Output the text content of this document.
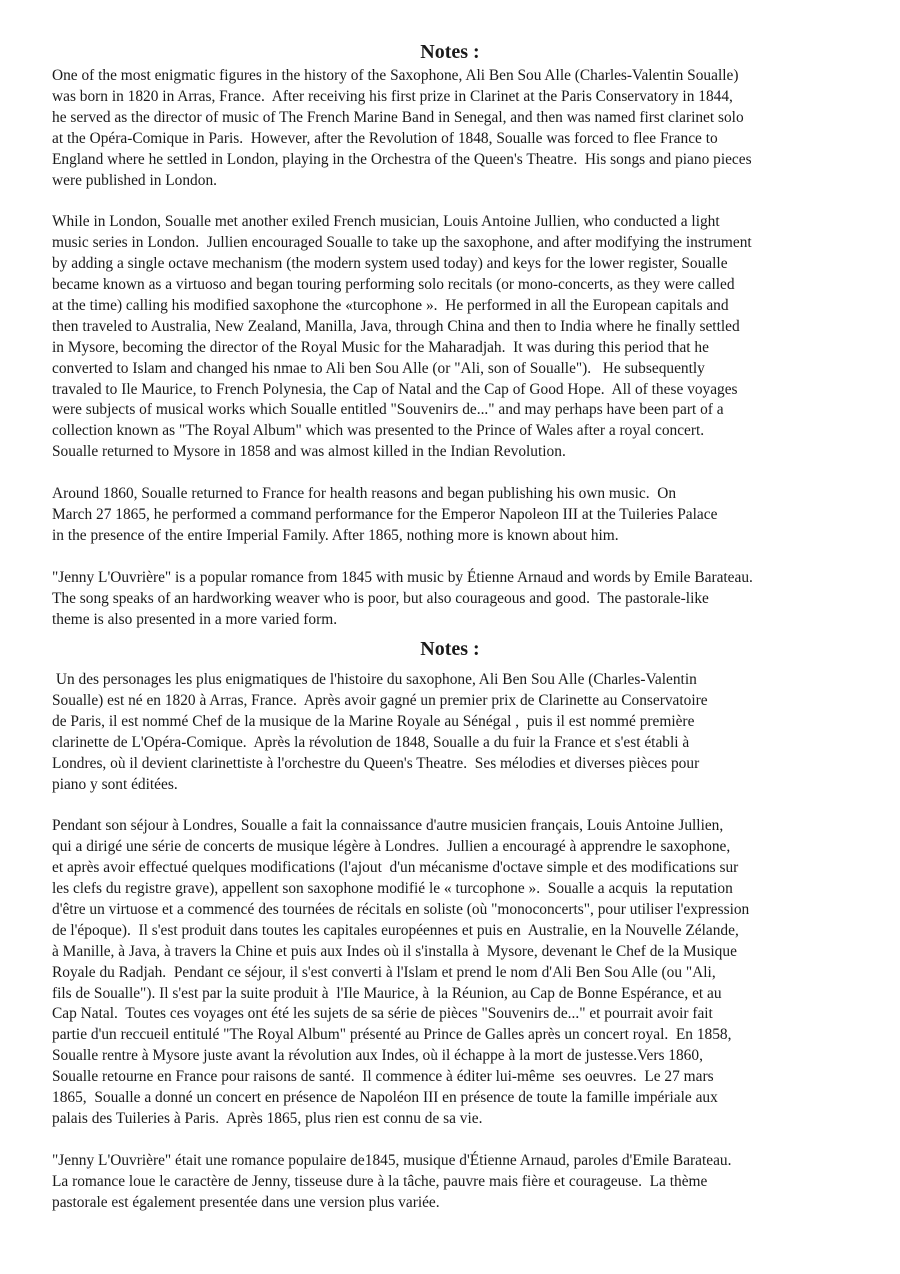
Notes :

One of the most enigmatic figures in the history of the Saxophone, Ali Ben Sou Alle (Charles-Valentin Soualle)

was born in 1820 in Arras, France.  After receiving his first prize in Clarinet at the Paris Conservatory in 1844,

he served as the director of music of The French Marine Band in Senegal, and then was named first clarinet solo

at the Opéra-Comique in Paris.  However, after the Revolution of 1848, Soualle was forced to flee France to

England where he settled in London, playing in the Orchestra of the Queen's Theatre.  His songs and piano pieces

were published in London.

While in London, Soualle met another exiled French musician, Louis Antoine Jullien, who conducted a light

music series in London.  Jullien encouraged Soualle to take up the saxophone, and after modifying the instrument

by adding a single octave mechanism (the modern system used today) and keys for the lower register, Soualle

became known as a virtuoso and began touring performing solo recitals (or mono-concerts, as they were called

at the time) calling his modified saxophone the «turcophone ».  He performed in all the European capitals and

then traveled to Australia, New Zealand, Manilla, Java, through China and then to India where he finally settled

in Mysore, becoming the director of the Royal Music for the Maharadjah.  It was during this period that he

converted to Islam and changed his nmae to Ali ben Sou Alle (or "Ali, son of Soualle").   He subsequently

travaled to Ile Maurice, to French Polynesia, the Cap of Natal and the Cap of Good Hope.  All of these voyages

were subjects of musical works which Soualle entitled "Souvenirs de..." and may perhaps have been part of a

collection known as "The Royal Album" which was presented to the Prince of Wales after a royal concert.

Soualle returned to Mysore in 1858 and was almost killed in the Indian Revolution.

Around 1860, Soualle returned to France for health reasons and began publishing his own music.  On

March 27 1865, he performed a command performance for the Emperor Napoleon III at the Tuileries Palace

in the presence of the entire Imperial Family. After 1865, nothing more is known about him.

"Jenny L'Ouvrière" is a popular romance from 1845 with music by Étienne Arnaud and words by Emile Barateau.

The song speaks of an hardworking weaver who is poor, but also courageous and good.  The pastorale-like

theme is also presented in a more varied form.

Notes :

Un des personages les plus enigmatiques de l'histoire du saxophone, Ali Ben Sou Alle (Charles-Valentin

Soualle) est né en 1820 à Arras, France.  Après avoir gagné un premier prix de Clarinette au Conservatoire

de Paris, il est nommé Chef de la musique de la Marine Royale au Sénégal ,  puis il est nommé première

clarinette de L'Opéra-Comique.  Après la révolution de 1848, Soualle a du fuir la France et s'est établi à

Londres, où il devient clarinettiste à l'orchestre du Queen's Theatre.  Ses mélodies et diverses pièces pour

piano y sont éditées.

Pendant son séjour à Londres, Soualle a fait la connaissance d'autre musicien français, Louis Antoine Jullien,

qui a dirigé une série de concerts de musique légère à Londres.  Jullien a encouragé à apprendre le saxophone,

et après avoir effectué quelques modifications (l'ajout  d'un mécanisme d'octave simple et des modifications sur

les clefs du registre grave), appellent son saxophone modifié le « turcophone ».  Soualle a acquis  la reputation

d'être un virtuose et a commencé des tournées de récitals en soliste (où "monoconcerts", pour utiliser l'expression

de l'époque).  Il s'est produit dans toutes les capitales européennes et puis en  Australie, en la Nouvelle Zélande,

à Manille, à Java, à travers la Chine et puis aux Indes où il s'installa à  Mysore, devenant le Chef de la Musique

Royale du Radjah.  Pendant ce séjour, il s'est converti à l'Islam et prend le nom d'Ali Ben Sou Alle (ou "Ali,

fils de Soualle"). Il s'est par la suite produit à  l'Ile Maurice, à  la Réunion, au Cap de Bonne Espérance, et au

Cap Natal.  Toutes ces voyages ont été les sujets de sa série de pièces "Souvenirs de..." et pourrait avoir fait

partie d'un reccueil entitulé "The Royal Album" présenté au Prince de Galles après un concert royal.  En 1858,

Soualle rentre à Mysore juste avant la révolution aux Indes, où il échappe à la mort de justesse.Vers 1860,

Soualle retourne en France pour raisons de santé.  Il commence à éditer lui-même  ses oeuvres.  Le 27 mars

1865,  Soualle a donné un concert en présence de Napoléon III en présence de toute la famille impériale aux

palais des Tuileries à Paris.  Après 1865, plus rien est connu de sa vie.

"Jenny L'Ouvrière" était une romance populaire de1845, musique d'Étienne Arnaud, paroles d'Emile Barateau.

La romance loue le caractère de Jenny, tisseuse dure à la tâche, pauvre mais fière et courageuse.  La thème

pastorale est également presentée dans une version plus variée.
